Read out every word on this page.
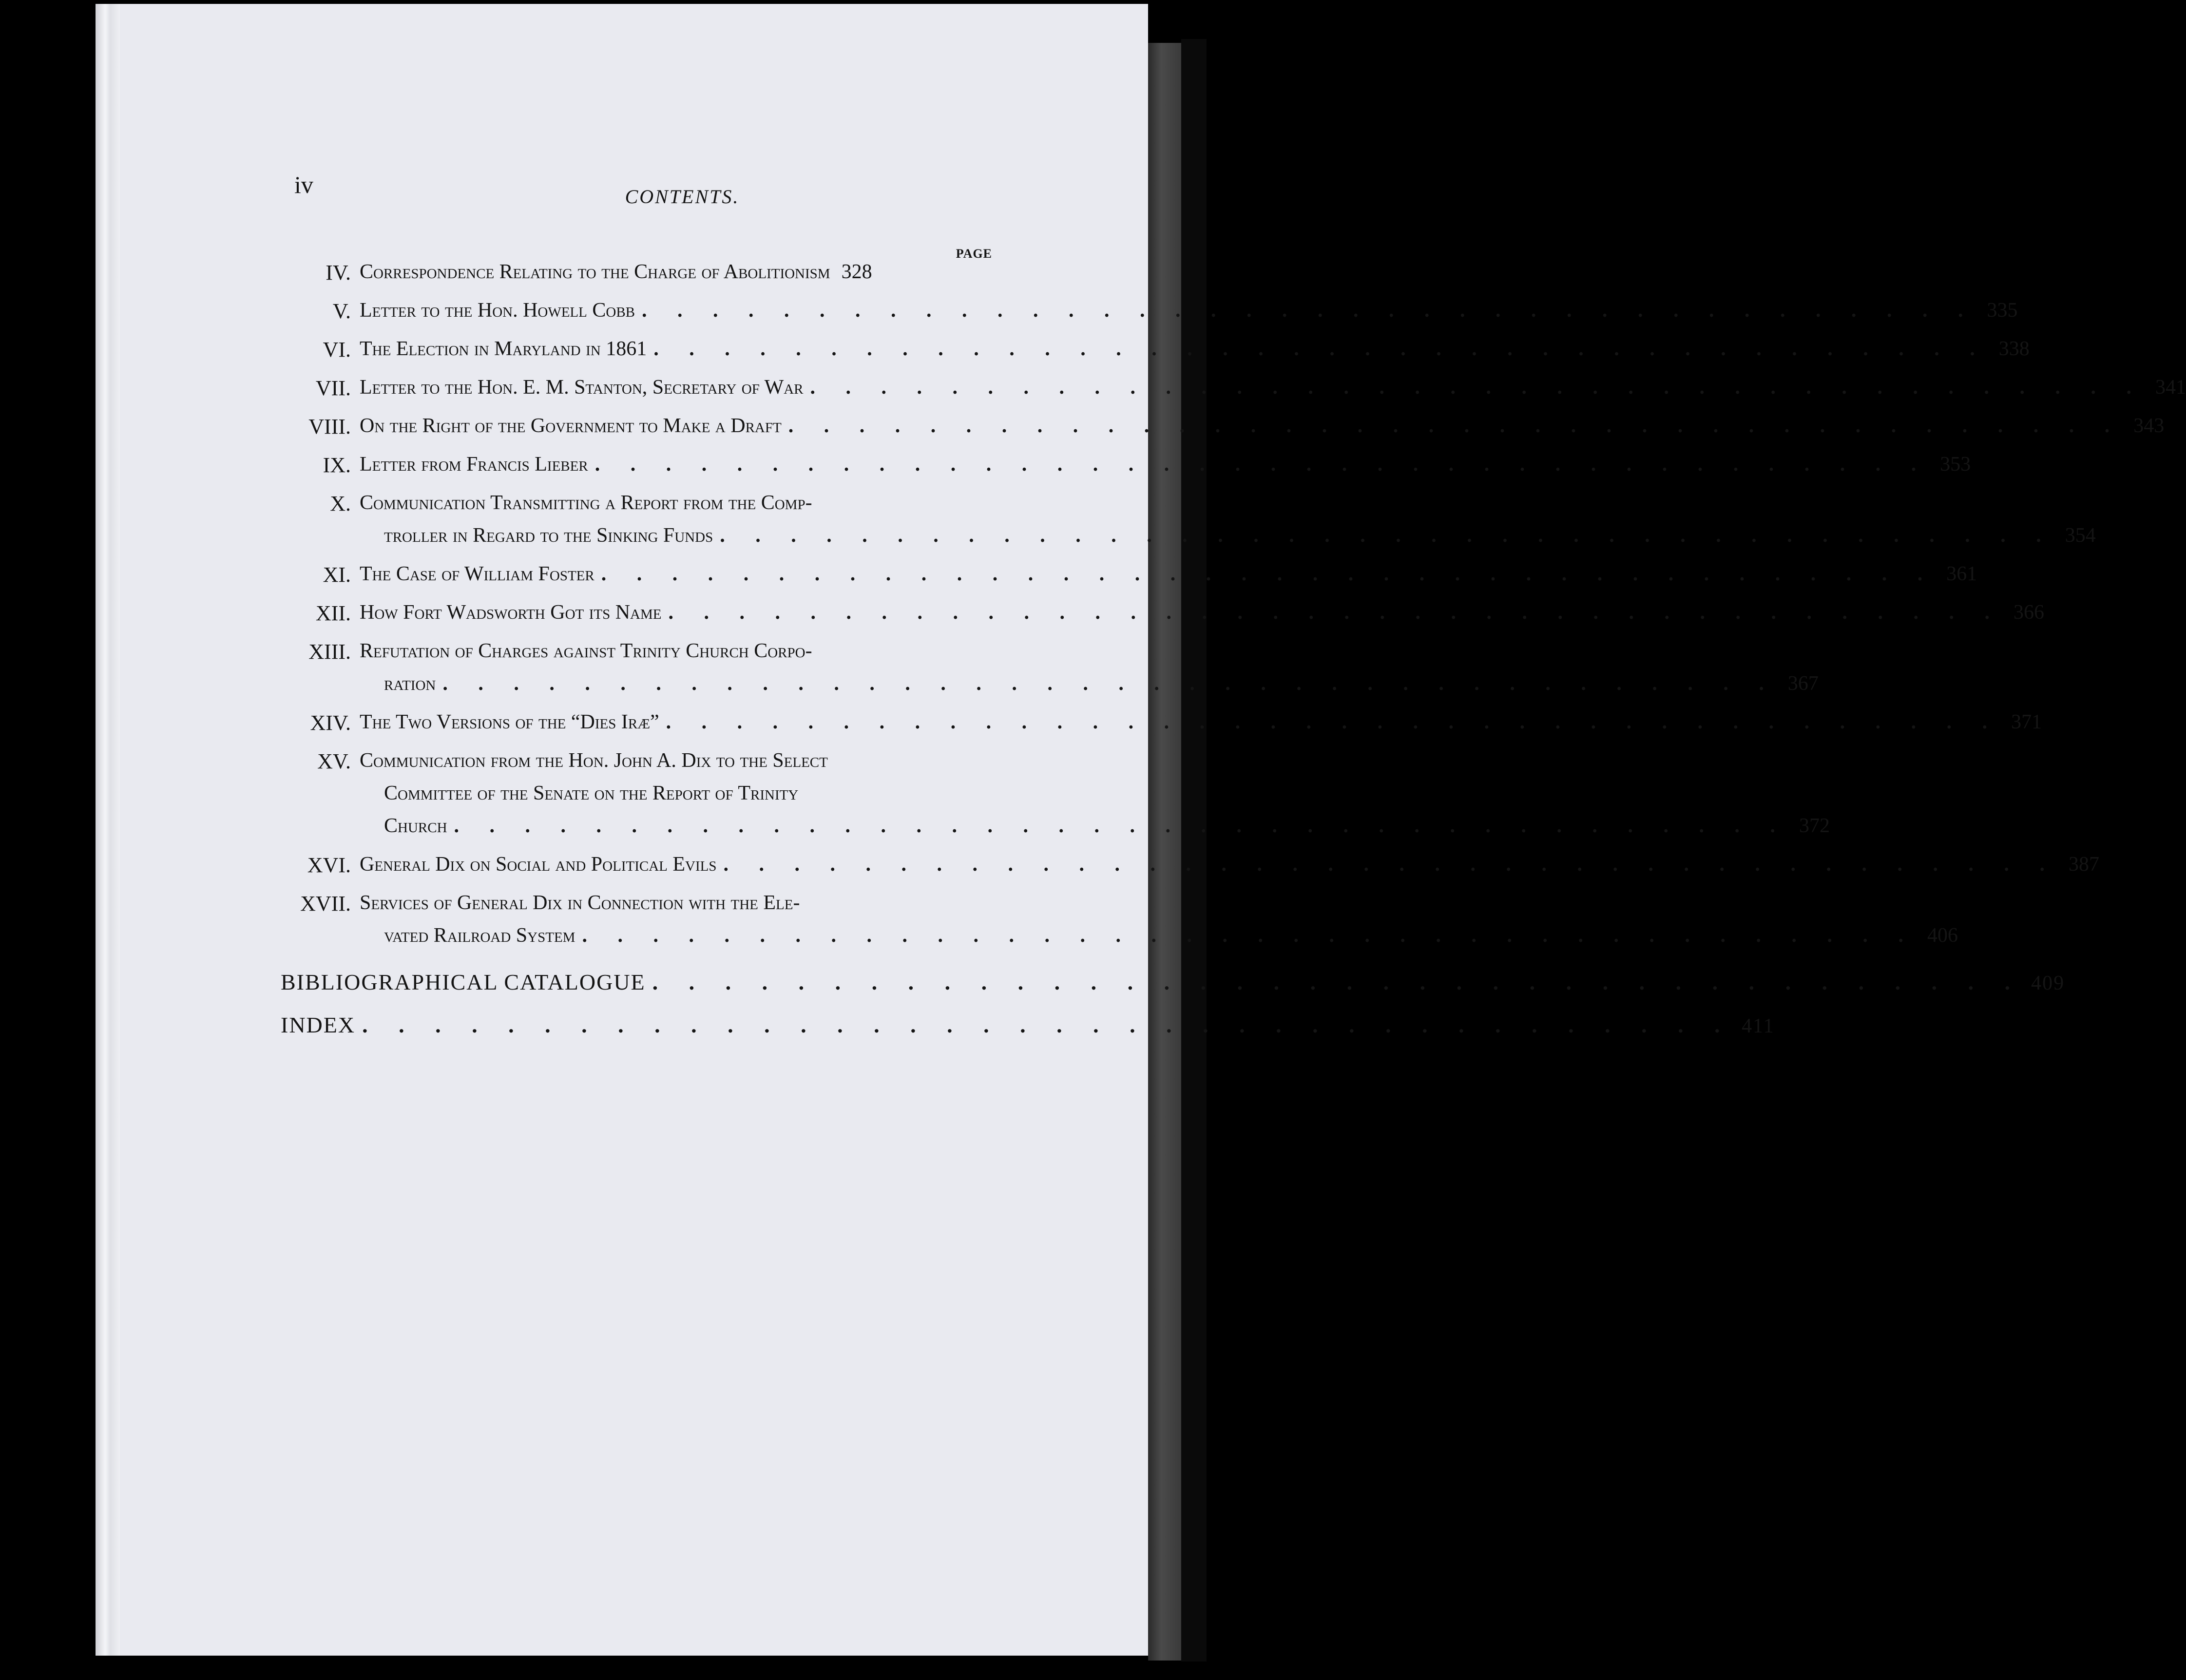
iv	CONTENTS.
PAGE
IV. Correspondence Relating to the Charge of Abolitionism 328
V. Letter to the Hon. Howell Cobb . . . . . . . . . . . . . . . . . . . . . . . . . . . . . . . . . . . . . . 335
VI. The Election in Maryland in 1861 . . . . . . . . . . . . . . . . . . . . . . . . . . . . . . . . . . . . . . 338
VII. Letter to the Hon. E. M. Stanton, Secretary of War . . . . . . . . . . . . . . . . . . . . . . . . . . . . . . . . . . . . . . 341
VIII. On the Right of the Government to Make a Draft . . . . . . . . . . . . . . . . . . . . . . . . . . . . . . . . . . . . . . 343
IX. Letter from Francis Lieber . . . . . . . . . . . . . . . . . . . . . . . . . . . . . . . . . . . . . . 353
X. Communication Transmitting a Report from the Comp-
troller in Regard to the Sinking Funds . . . . . . . . . . . . . . . . . . . . . . . . . . . . . . . . . . . . . . 354
XI. The Case of William Foster . . . . . . . . . . . . . . . . . . . . . . . . . . . . . . . . . . . . . . 361
XII. How Fort Wadsworth Got its Name . . . . . . . . . . . . . . . . . . . . . . . . . . . . . . . . . . . . . . 366
XIII. Refutation of Charges against Trinity Church Corpo-
ration . . . . . . . . . . . . . . . . . . . . . . . . . . . . . . . . . . . . . . 367
XIV. The Two Versions of the “Dies Iræ” . . . . . . . . . . . . . . . . . . . . . . . . . . . . . . . . . . . . . . 371
XV. Communication from the Hon. John A. Dix to the Select
Committee of the Senate on the Report of Trinity
Church . . . . . . . . . . . . . . . . . . . . . . . . . . . . . . . . . . . . . . 372
XVI. General Dix on Social and Political Evils . . . . . . . . . . . . . . . . . . . . . . . . . . . . . . . . . . . . . . 387
XVII. Services of General Dix in Connection with the Ele-
vated Railroad System . . . . . . . . . . . . . . . . . . . . . . . . . . . . . . . . . . . . . . 406
BIBLIOGRAPHICAL CATALOGUE . . . . . . . . . . . . . . . . . . . . . . . . . . . . . . . . . . . . . . 409
INDEX . . . . . . . . . . . . . . . . . . . . . . . . . . . . . . . . . . . . . . 411
